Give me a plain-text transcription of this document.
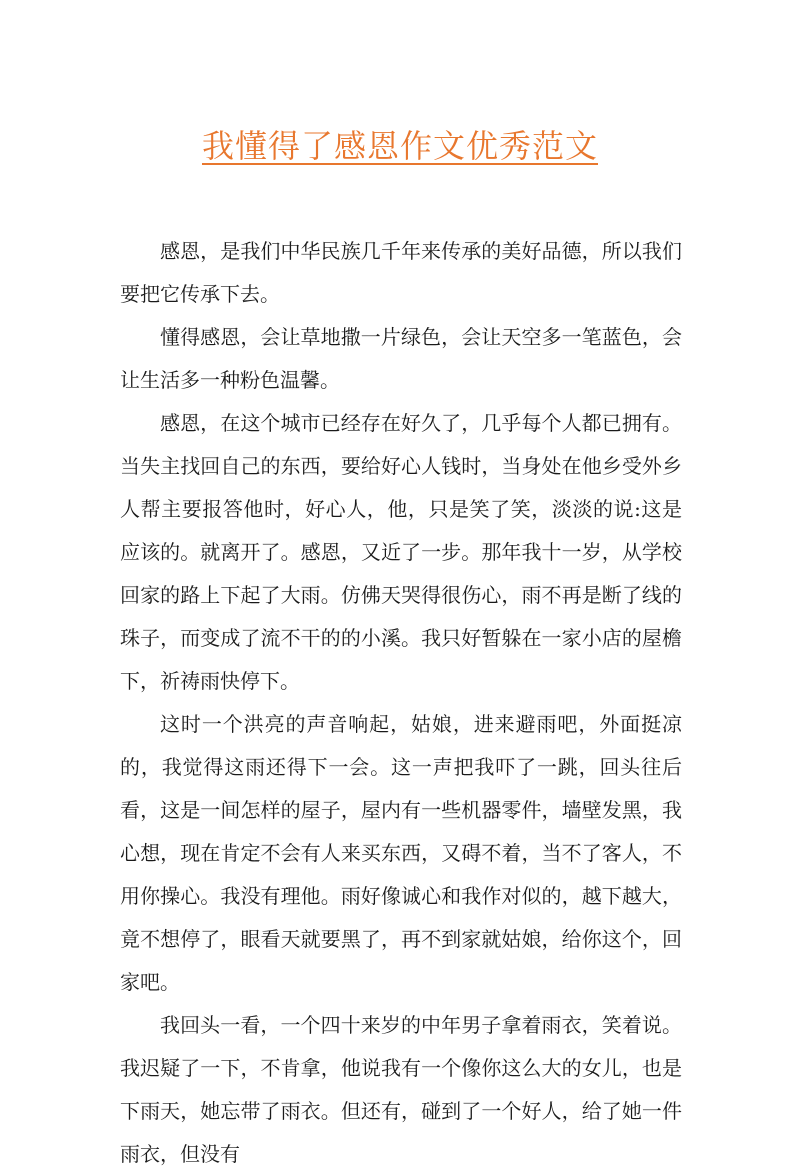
我懂得了感恩作文优秀范文

感恩，是我们中华民族几千年来传承的美好品德，所以我们要把它传承下去。

懂得感恩，会让草地撒一片绿色，会让天空多一笔蓝色，会让生活多一种粉色温馨。

感恩，在这个城市已经存在好久了，几乎每个人都已拥有。当失主找回自己的东西，要给好心人钱时，当身处在他乡受外乡人帮主要报答他时，好心人，他，只是笑了笑，淡淡的说:这是应该的。就离开了。感恩，又近了一步。那年我十一岁，从学校回家的路上下起了大雨。仿佛天哭得很伤心，雨不再是断了线的珠子，而变成了流不干的的小溪。我只好暂躲在一家小店的屋檐下，祈祷雨快停下。

这时一个洪亮的声音响起，姑娘，进来避雨吧，外面挺凉的，我觉得这雨还得下一会。这一声把我吓了一跳，回头往后看，这是一间怎样的屋子，屋内有一些机器零件，墙壁发黑，我心想，现在肯定不会有人来买东西，又碍不着，当不了客人，不用你操心。我没有理他。雨好像诚心和我作对似的，越下越大，竟不想停了，眼看天就要黑了，再不到家就姑娘，给你这个，回家吧。

我回头一看，一个四十来岁的中年男子拿着雨衣，笑着说。我迟疑了一下，不肯拿，他说我有一个像你这么大的女儿，也是下雨天，她忘带了雨衣。但还有，碰到了一个好人，给了她一件雨衣，但没有
